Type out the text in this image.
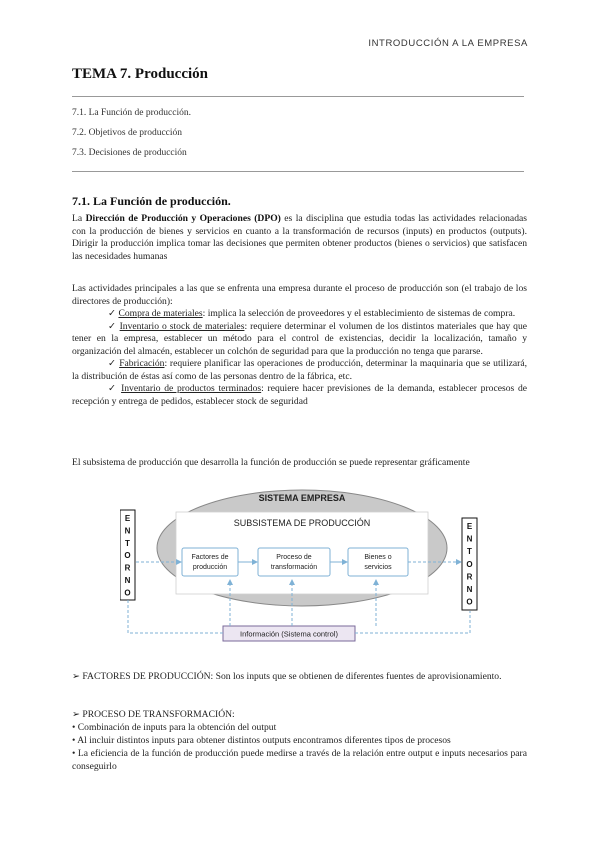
INTRODUCCIÓN A LA EMPRESA
TEMA 7. Producción
7.1. La Función de producción.
7.2. Objetivos de producción
7.3. Decisiones de producción
7.1. La Función de producción.
La Dirección de Producción y Operaciones (DPO) es la disciplina que estudia todas las actividades relacionadas con la producción de bienes y servicios en cuanto a la transformación de recursos (inputs) en productos (outputs). Dirigir la producción implica tomar las decisiones que permiten obtener productos (bienes o servicios) que satisfacen las necesidades humanas
Las actividades principales a las que se enfrenta una empresa durante el proceso de producción son (el trabajo de los directores de producción):
✓ Compra de materiales: implica la selección de proveedores y el establecimiento de sistemas de compra.
✓ Inventario o stock de materiales: requiere determinar el volumen de los distintos materiales que hay que tener en la empresa, establecer un método para el control de existencias, decidir la localización, tamaño y organización del almacén, establecer un colchón de seguridad para que la producción no tenga que pararse.
✓ Fabricación: requiere planificar las operaciones de producción, determinar la maquinaria que se utilizará, la distribución de éstas así como de las personas dentro de la fábrica, etc.
✓ Inventario de productos terminados: requiere hacer previsiones de la demanda, establecer procesos de recepción y entrega de pedidos, establecer stock de seguridad
El subsistema de producción que desarrolla la función de producción se puede representar gráficamente
SISTEMA EMPRESA
SUBSISTEMA DE PRODUCCIÓN
E
N
T
O
R
N
O
E
N
T
O
R
N
O
Factores de
producción
Proceso de
transformación
Bienes o
servicios
Información (Sistema control)
➢ FACTORES DE PRODUCCIÓN: Son los inputs que se obtienen de diferentes fuentes de aprovisionamiento.
➢ PROCESO DE TRANSFORMACIÓN:
• Combinación de inputs para la obtención del output
• Al incluir distintos inputs para obtener distintos outputs encontramos diferentes tipos de procesos
• La eficiencia de la función de producción puede medirse a través de la relación entre output e inputs necesarios para conseguirlo
